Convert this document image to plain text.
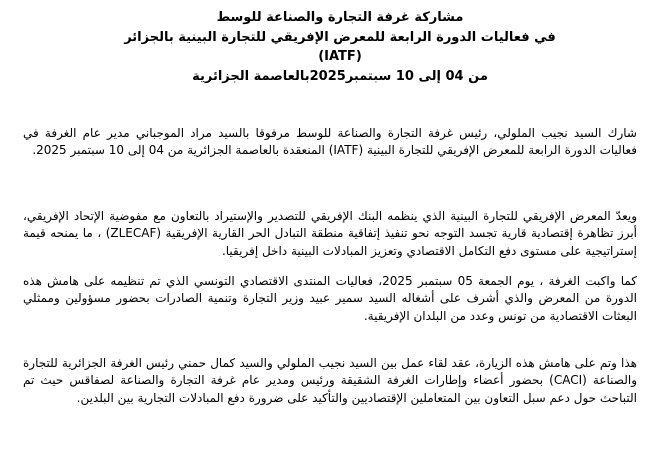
مشاركة غرفة التجارة والصناعة للوسط
في فعاليات الدورة الرابعة للمعرض الإفريقي للتجارة البينية بالجزائر
(IATF)
من 04 إلى 10 سبتمبر2025بالعاصمة الجزائرية

شارك السيد نجيب الملولي، رئيس غرفة التجارة والصناعة للوسط مرفوقا بالسيد مراد الموجباني مدير عام الغرفة في فعاليات الدورة الرابعة للمعرض الإفريقي للتجارة البينية (IATF) المنعقدة بالعاصمة الجزائرية من 04 إلى 10 سبتمبر 2025.

ويعدّ المعرض الإفريقي للتجارة البينية الذي ينظمه البنك الإفريقي للتصدير والإستيراد بالتعاون مع مفوضية الإتحاد الإفريقي، أبرز تظاهرة إقتصادية قارية تجسد التوجه نحو تنفيذ إتفاقية منطقة التبادل الحر القارية الإفريقية (ZLECAF) ، ما يمنحه قيمة إستراتيجية على مستوى دفع التكامل الاقتصادي وتعزيز المبادلات البينية داخل إفريقيا.

كما واكبت الغرفة ، يوم الجمعة 05 سبتمبر 2025، فعاليات المنتدى الاقتصادي التونسي الذي تم تنظيمه على هامش هذه الدورة من المعرض والذي أشرف على أشغاله السيد سمير عبيد وزير التجارة وتنمية الصادرات بحضور مسؤولين وممثلي البعثات الاقتصادية من تونس وعدد من البلدان الإفريقية.

هذا وتم على هامش هذه الزيارة، عقد لقاء عمل بين السيد نجيب الملولي والسيد كمال حمني رئيس الغرفة الجزائرية للتجارة والصناعة (CACI) بحضور أعضاء وإطارات الغرفة الشقيقة ورئيس ومدير عام غرفة التجارة والصناعة لصفاقس حيث تم التباحث حول دعم سبل التعاون بين المتعاملين الإقتصاديين والتأكيد على ضرورة دفع المبادلات التجارية بين البلدين.
